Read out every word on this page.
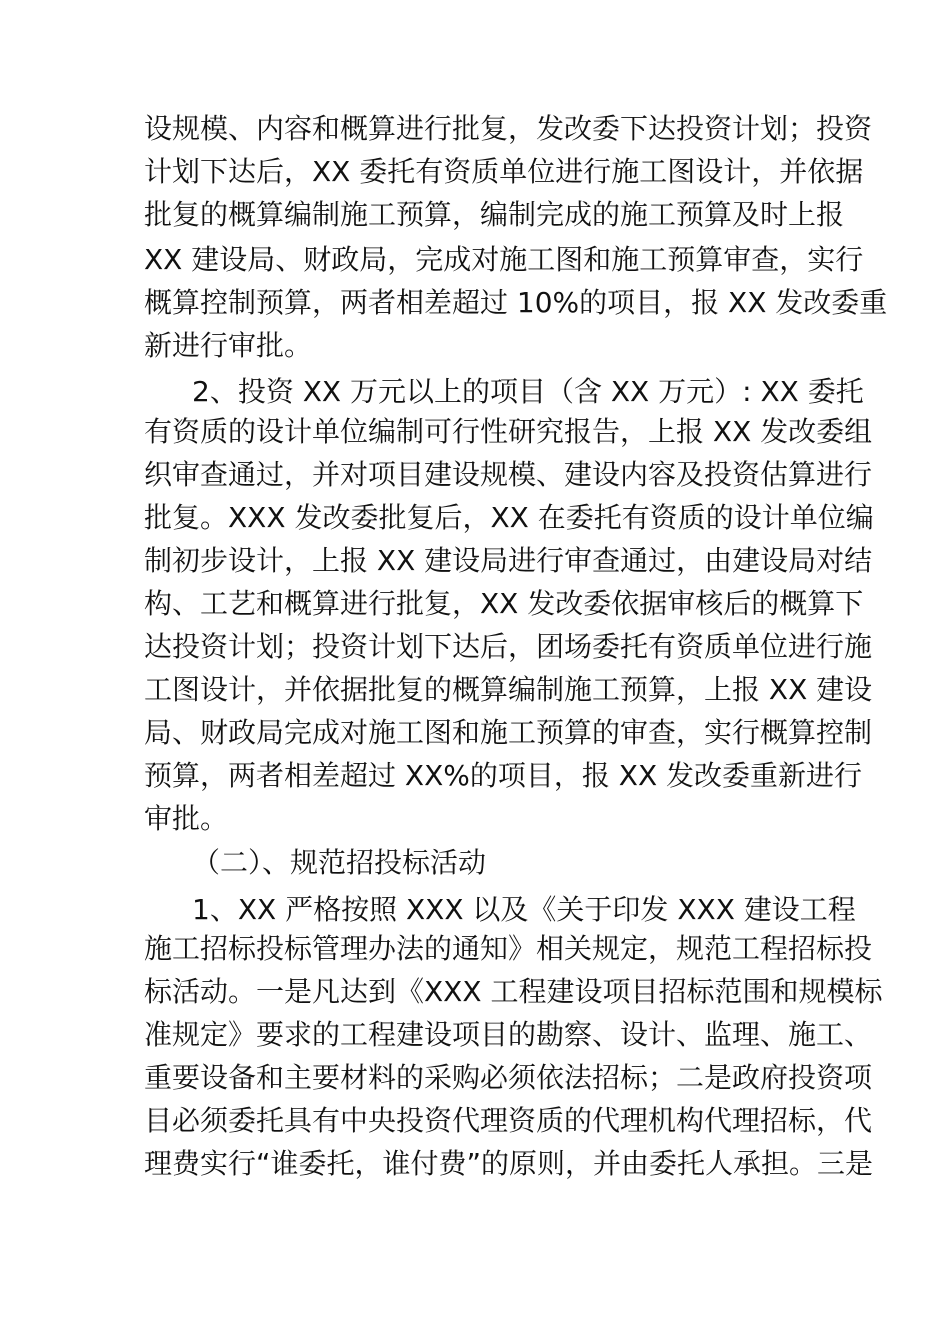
设规模、内容和概算进行批复，发改委下达投资计划；投资
计划下达后，XX 委托有资质单位进行施工图设计，并依据
批复的概算编制施工预算，编制完成的施工预算及时上报
XX 建设局、财政局，完成对施工图和施工预算审查，实行
概算控制预算，两者相差超过 10%的项目，报 XX 发改委重
新进行审批。
2、投资 XX 万元以上的项目（含 XX 万元）: XX 委托
有资质的设计单位编制可行性研究报告，上报 XX 发改委组
织审查通过，并对项目建设规模、建设内容及投资估算进行
批复。XXX 发改委批复后，XX 在委托有资质的设计单位编
制初步设计，上报 XX 建设局进行审查通过，由建设局对结
构、工艺和概算进行批复，XX 发改委依据审核后的概算下
达投资计划；投资计划下达后，团场委托有资质单位进行施
工图设计，并依据批复的概算编制施工预算，上报 XX 建设
局、财政局完成对施工图和施工预算的审查，实行概算控制
预算，两者相差超过 XX%的项目，报 XX 发改委重新进行
审批。
（二）、规范招投标活动
1、XX 严格按照 XXX 以及《关于印发 XXX 建设工程
施工招标投标管理办法的通知》相关规定，规范工程招标投
标活动。一是凡达到《XXX 工程建设项目招标范围和规模标
准规定》要求的工程建设项目的勘察、设计、监理、施工、
重要设备和主要材料的采购必须依法招标；二是政府投资项
目必须委托具有中央投资代理资质的代理机构代理招标，代
理费实行“谁委托，谁付费”的原则，并由委托人承担。三是
